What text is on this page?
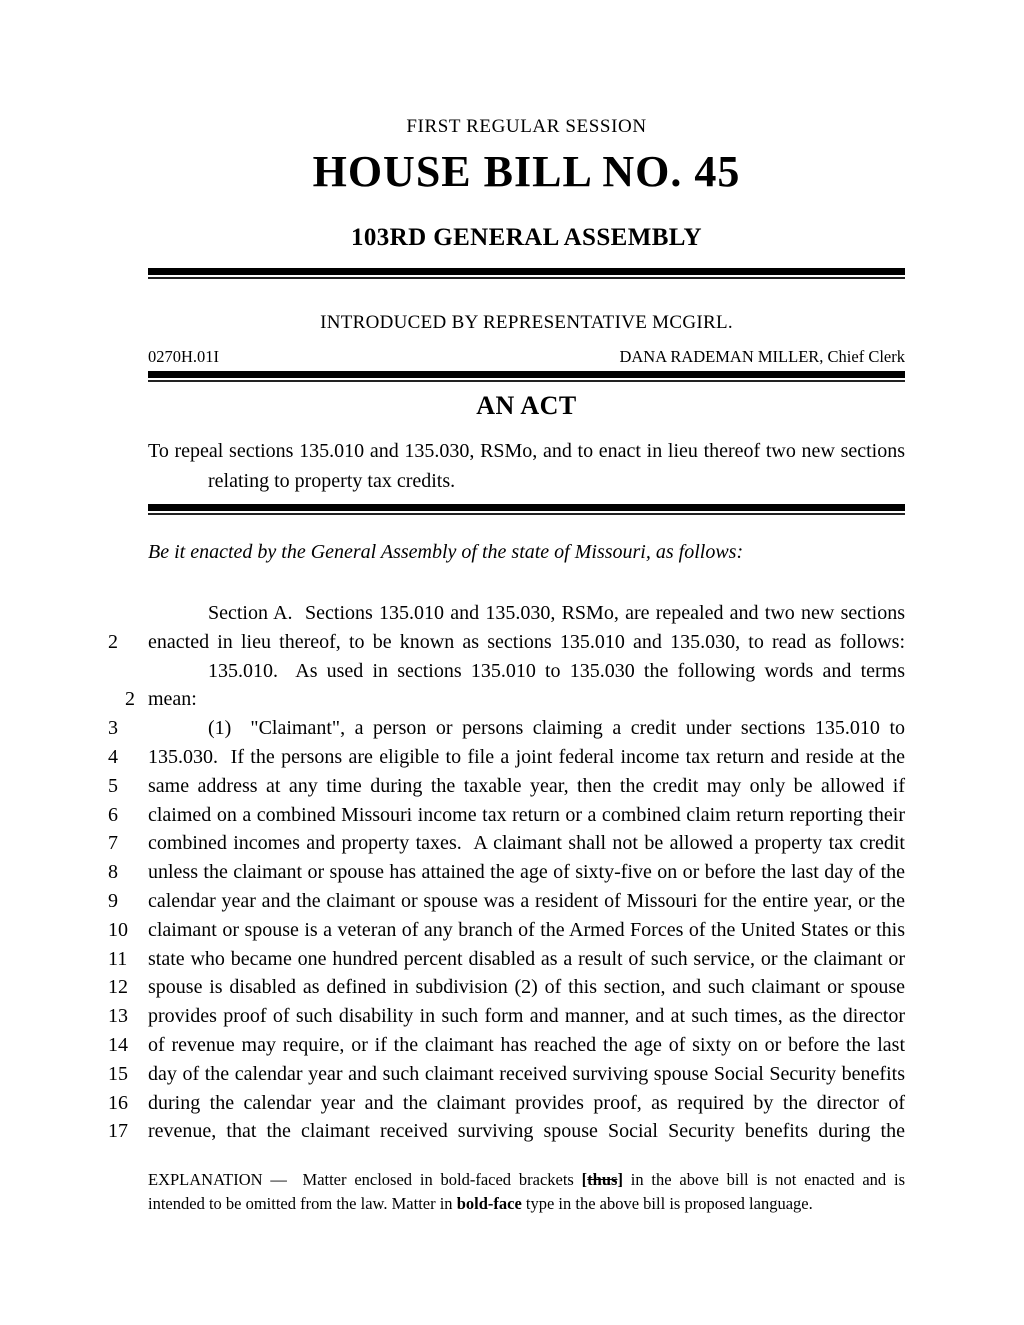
FIRST REGULAR SESSION
HOUSE BILL NO. 45
103RD GENERAL ASSEMBLY
INTRODUCED BY REPRESENTATIVE MCGIRL.
0270H.01I	DANA RADEMAN MILLER, Chief Clerk
AN ACT
To repeal sections 135.010 and 135.030, RSMo, and to enact in lieu thereof two new sections
relating to property tax credits.
Be it enacted by the General Assembly of the state of Missouri, as follows:
Section A.  Sections 135.010 and 135.030, RSMo, are repealed and two new sections
2	enacted in lieu thereof, to be known as sections 135.010 and 135.030, to read as follows:
135.010.  As used in sections 135.010 to 135.030 the following words and terms
2 mean:
3	(1)  "Claimant", a person or persons claiming a credit under sections 135.010 to
4	135.030.  If the persons are eligible to file a joint federal income tax return and reside at the
5	same address at any time during the taxable year, then the credit may only be allowed if
6	claimed on a combined Missouri income tax return or a combined claim return reporting their
7	combined incomes and property taxes.  A claimant shall not be allowed a property tax credit
8	unless the claimant or spouse has attained the age of sixty-five on or before the last day of the
9	calendar year and the claimant or spouse was a resident of Missouri for the entire year, or the
10	claimant or spouse is a veteran of any branch of the Armed Forces of the United States or this
11	state who became one hundred percent disabled as a result of such service, or the claimant or
12	spouse is disabled as defined in subdivision (2) of this section, and such claimant or spouse
13	provides proof of such disability in such form and manner, and at such times, as the director
14	of revenue may require, or if the claimant has reached the age of sixty on or before the last
15	day of the calendar year and such claimant received surviving spouse Social Security benefits
16	during the calendar year and the claimant provides proof, as required by the director of
17	revenue, that the claimant received surviving spouse Social Security benefits during the
EXPLANATION —  Matter enclosed in bold-faced brackets [thus] in the above bill is not enacted and is
intended to be omitted from the law. Matter in bold-face type in the above bill is proposed language.
